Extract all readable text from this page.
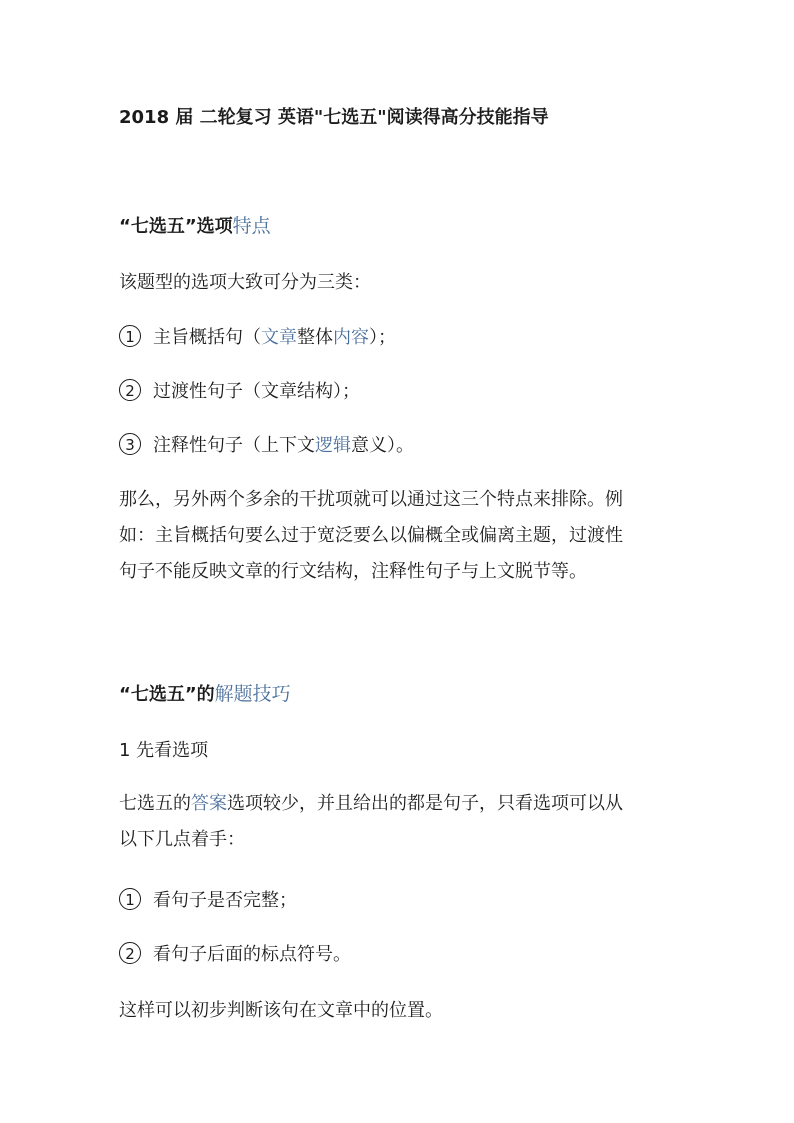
2018 届 二轮复习 英语"七选五"阅读得高分技能指导
“七选五”选项特点
该题型的选项大致可分为三类：
1 主旨概括句（文章整体内容）；
2 过渡性句子（文章结构）；
3 注释性句子（上下文逻辑意义）。
那么，另外两个多余的干扰项就可以通过这三个特点来排除。例
如：主旨概括句要么过于宽泛要么以偏概全或偏离主题，过渡性
句子不能反映文章的行文结构，注释性句子与上文脱节等。
“七选五”的解题技巧
1 先看选项
七选五的答案选项较少，并且给出的都是句子，只看选项可以从
以下几点着手：
1 看句子是否完整；
2 看句子后面的标点符号。
这样可以初步判断该句在文章中的位置。
